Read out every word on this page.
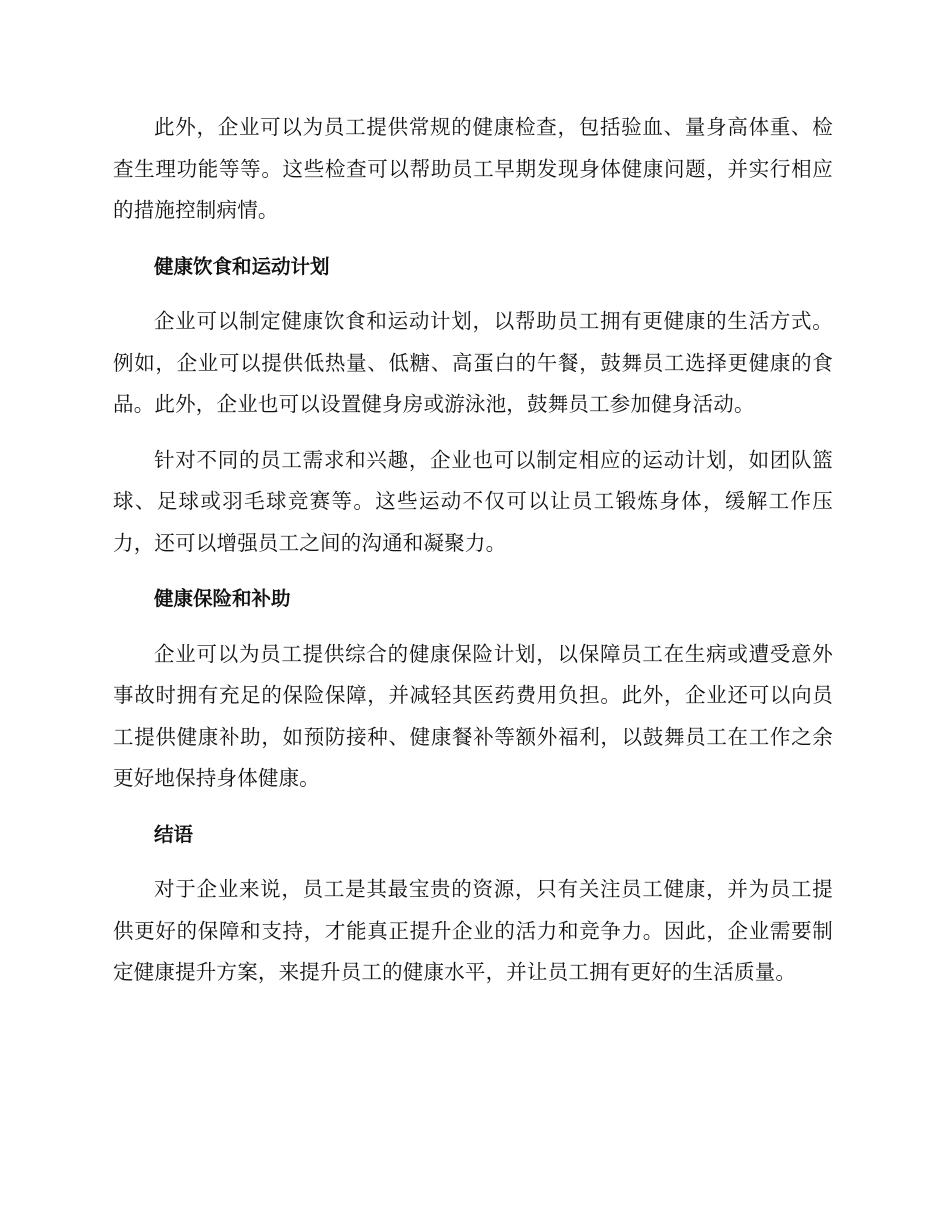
此外，企业可以为员工提供常规的健康检查，包括验血、量身高体重、检查生理功能等等。这些检查可以帮助员工早期发现身体健康问题，并实行相应的措施控制病情。

健康饮食和运动计划

企业可以制定健康饮食和运动计划，以帮助员工拥有更健康的生活方式。例如，企业可以提供低热量、低糖、高蛋白的午餐，鼓舞员工选择更健康的食品。此外，企业也可以设置健身房或游泳池，鼓舞员工参加健身活动。

针对不同的员工需求和兴趣，企业也可以制定相应的运动计划，如团队篮球、足球或羽毛球竞赛等。这些运动不仅可以让员工锻炼身体，缓解工作压力，还可以增强员工之间的沟通和凝聚力。

健康保险和补助

企业可以为员工提供综合的健康保险计划，以保障员工在生病或遭受意外事故时拥有充足的保险保障，并减轻其医药费用负担。此外，企业还可以向员工提供健康补助，如预防接种、健康餐补等额外福利，以鼓舞员工在工作之余更好地保持身体健康。

结语

对于企业来说，员工是其最宝贵的资源，只有关注员工健康，并为员工提供更好的保障和支持，才能真正提升企业的活力和竞争力。因此，企业需要制定健康提升方案，来提升员工的健康水平，并让员工拥有更好的生活质量。
